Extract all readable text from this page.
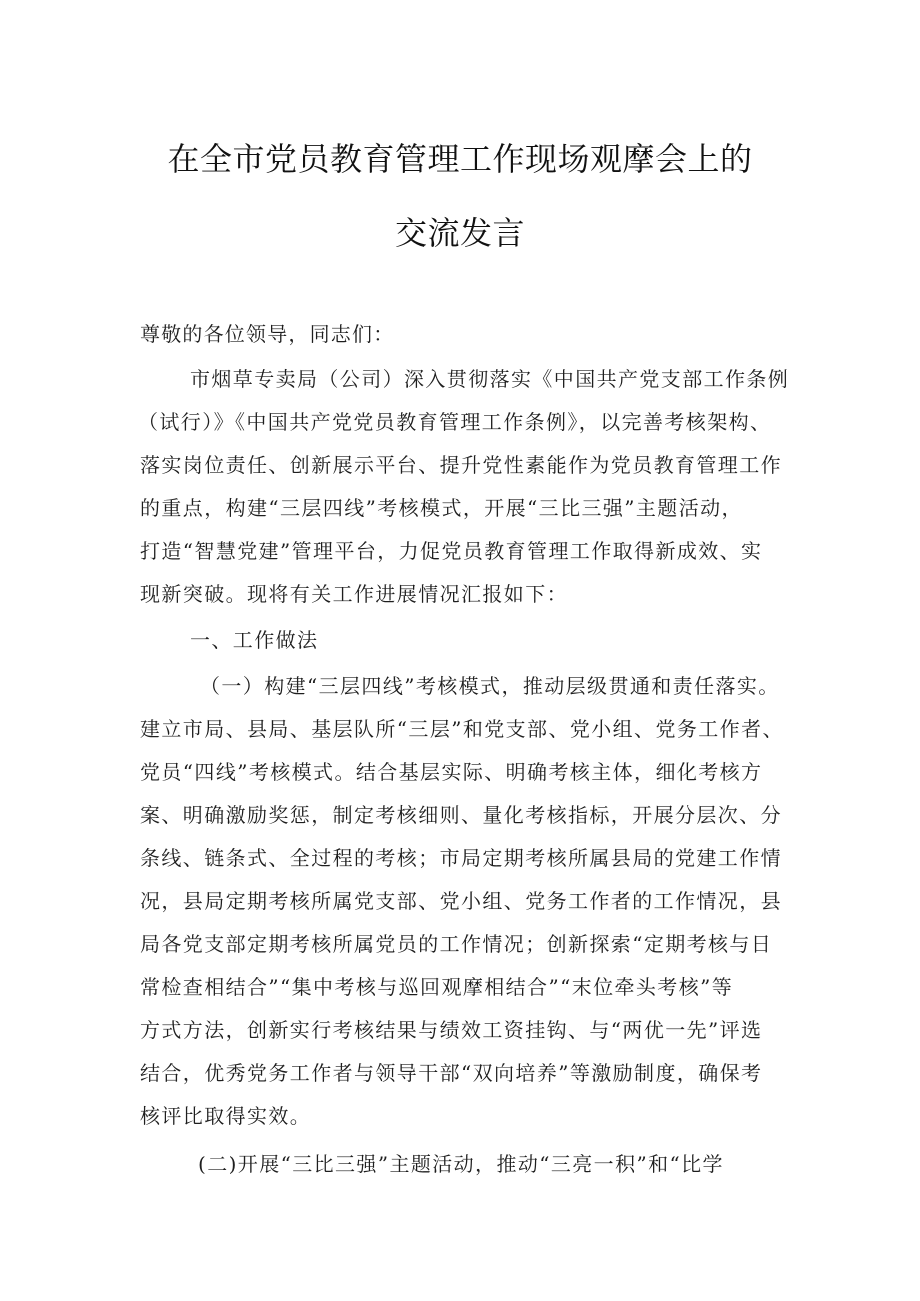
在全市党员教育管理工作现场观摩会上的
交流发言
尊敬的各位领导，同志们：
市烟草专卖局（公司）深入贯彻落实《中国共产党支部工作条例
（试行）》《中国共产党党员教育管理工作条例》，以完善考核架构、
落实岗位责任、创新展示平台、提升党性素能作为党员教育管理工作
的重点，构建“三层四线”考核模式，开展“三比三强”主题活动，
打造“智慧党建”管理平台，力促党员教育管理工作取得新成效、实
现新突破。现将有关工作进展情况汇报如下：
一、工作做法
（一）构建“三层四线”考核模式，推动层级贯通和责任落实。
建立市局、县局、基层队所“三层”和党支部、党小组、党务工作者、
党员“四线”考核模式。结合基层实际、明确考核主体，细化考核方
案、明确激励奖惩，制定考核细则、量化考核指标，开展分层次、分
条线、链条式、全过程的考核；市局定期考核所属县局的党建工作情
况，县局定期考核所属党支部、党小组、党务工作者的工作情况，县
局各党支部定期考核所属党员的工作情况；创新探索“定期考核与日
常检查相结合”“集中考核与巡回观摩相结合”“末位牵头考核”等
方式方法，创新实行考核结果与绩效工资挂钩、与“两优一先”评选
结合，优秀党务工作者与领导干部“双向培养”等激励制度，确保考
核评比取得实效。
(二)开展“三比三强”主题活动，推动“三亮一积”和“比学
